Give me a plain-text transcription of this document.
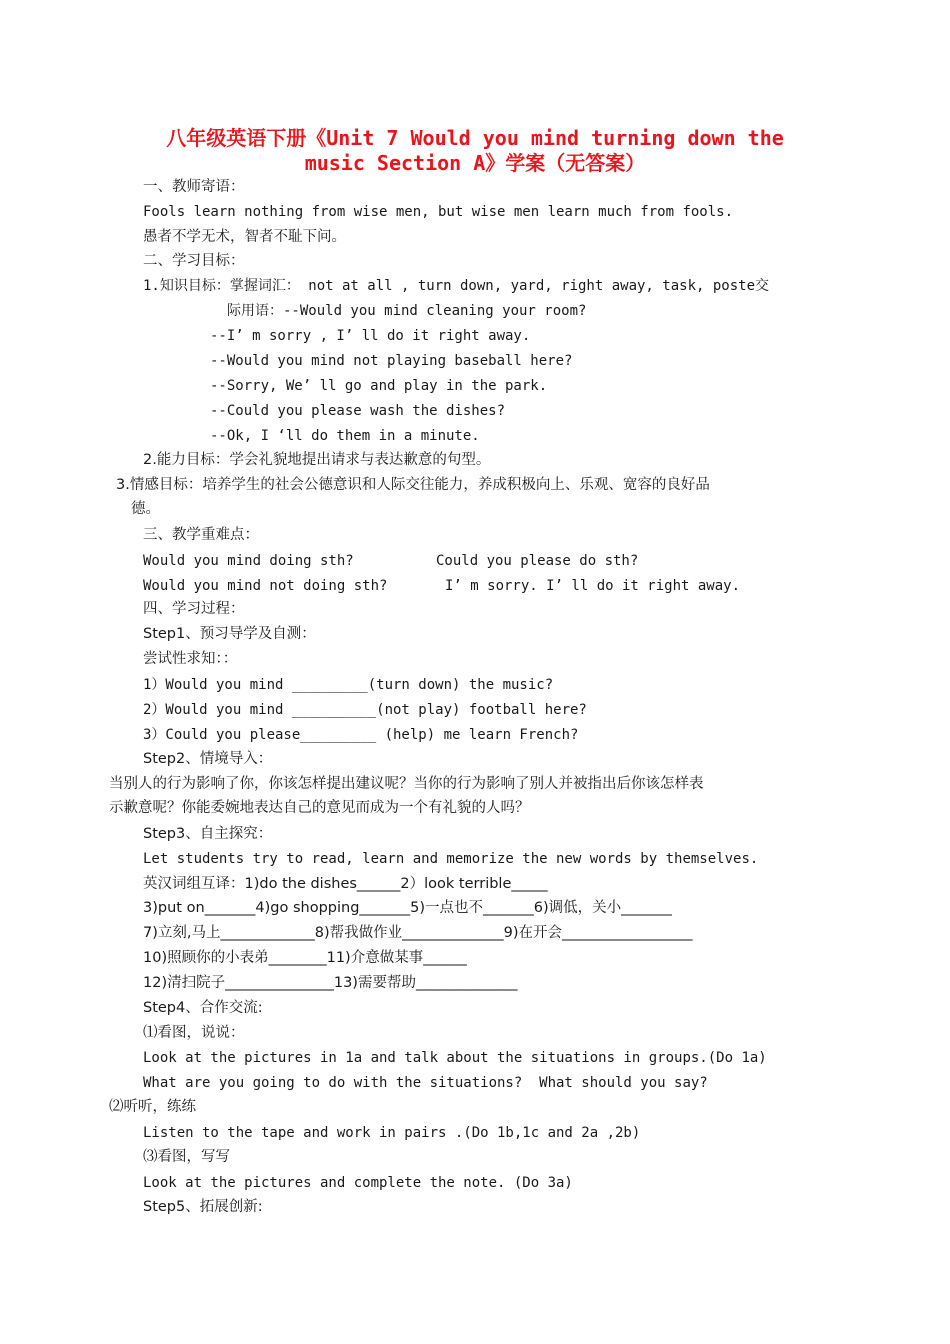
八年级英语下册《Unit 7 Would you mind turning down the
music Section A》学案（无答案）
一、教师寄语：
Fools learn nothing from wise men, but wise men learn much from fools.
愚者不学无术，智者不耻下问。
二、学习目标：
1.知识目标：掌握词汇： not at all , turn down, yard, right away, task, poste交
际用语：--Would you mind cleaning your room?
--I’ m sorry , I’ ll do it right away.
--Would you mind not playing baseball here?
--Sorry, We’ ll go and play in the park.
--Could you please wash the dishes?
--Ok, I ‘ll do them in a minute.
2.能力目标：学会礼貌地提出请求与表达歉意的句型。
3.情感目标：培养学生的社会公德意识和人际交往能力，养成积极向上、乐观、宽容的良好品
德。
三、教学重难点：
Would you mind doing sth?	Could you please do sth?
Would you mind not doing sth?	I’ m sorry. I’ ll do it right away.
四、学习过程：
Step1、预习导学及自测：
尝试性求知：：
1）Would you mind _________(turn down) the music?
2）Would you mind __________(not play) football here?
3）Could you please_________ (help) me learn French?
Step2、情境导入：
当别人的行为影响了你，你该怎样提出建议呢？当你的行为影响了别人并被指出后你该怎样表
示歉意呢？你能委婉地表达自己的意见而成为一个有礼貌的人吗？
Step3、自主探究：
Let students try to read, learn and memorize the new words by themselves.
英汉词组互译：1)do the dishes______2）look terrible_____
3)put on_______4)go shopping_______5)一点也不_______6)调低，关小_______
7)立刻,马上_____________8)帮我做作业______________9)在开会__________________
10)照顾你的小表弟________11)介意做某事______
12)清扫院子_______________13)需要帮助______________
Step4、合作交流:
⑴看图，说说：
Look at the pictures in 1a and talk about the situations in groups.(Do 1a)
What are you going to do with the situations?  What should you say?
⑵听听，练练
Listen to the tape and work in pairs .(Do 1b,1c and 2a ,2b)
⑶看图，写写
Look at the pictures and complete the note. (Do 3a)
Step5、拓展创新:
